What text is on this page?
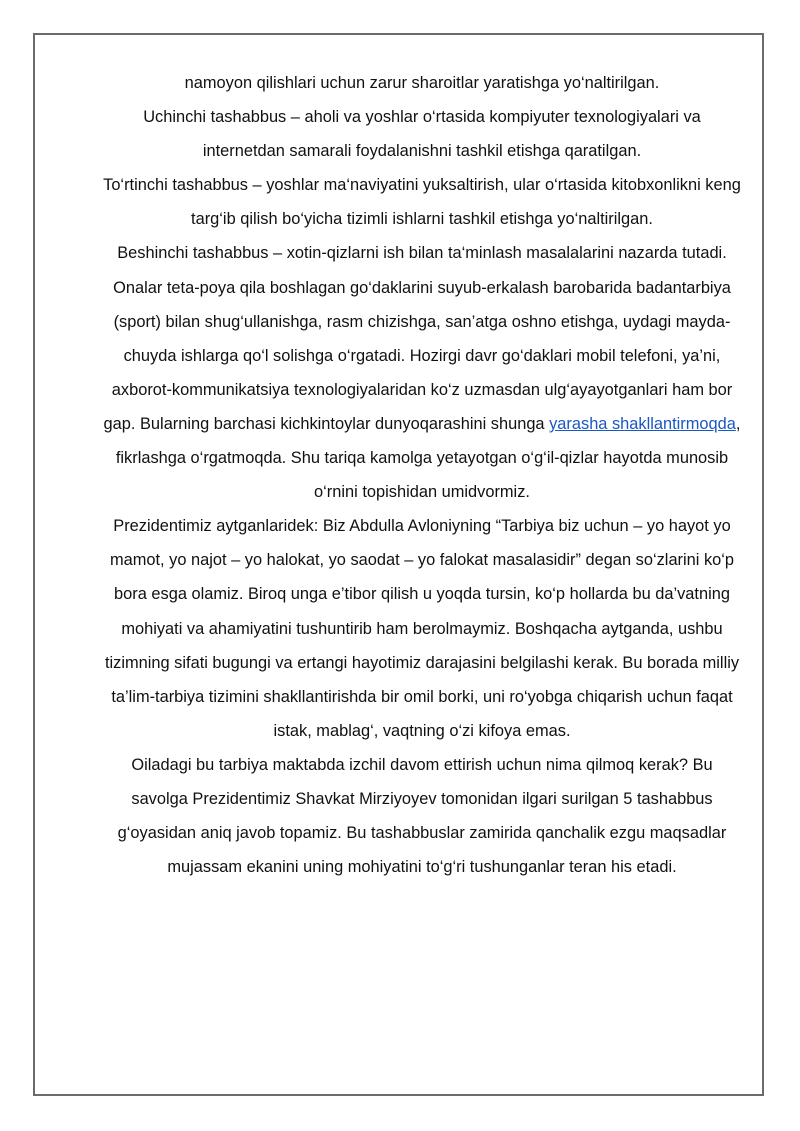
namoyon qilishlari uchun zarur sharoitlar yaratishga yo‘naltirilgan.

Uchinchi tashabbus – aholi va yoshlar o‘rtasida kompiyuter texnologiyalari va internetdan samarali foydalanishni tashkil etishga qaratilgan.

To‘rtinchi tashabbus – yoshlar ma‘naviyatini yuksaltirish, ular o‘rtasida kitobxonlikni keng targ‘ib qilish bo‘yicha tizimli ishlarni tashkil etishga yo‘naltirilgan.

Beshinchi tashabbus – xotin-qizlarni ish bilan ta‘minlash masalalarini nazarda tutadi.

Onalar teta-poya qila boshlagan go‘daklarini suyub-erkalash barobarida badantarbiya (sport) bilan shug‘ullanishga, rasm chizishga, san’atga oshno etishga, uydagi mayda-chuyda ishlarga qo‘l solishga o‘rgatadi. Hozirgi davr go‘daklari mobil telefoni, ya’ni, axborot-kommunikatsiya texnologiyalaridan ko‘z uzmasdan ulg‘ayayotganlari ham bor gap. Bularning barchasi kichkintoylar dunyoqarashini shunga yarasha shakllantirmoqda, fikrlashga o‘rgatmoqda. Shu tariqa kamolga yetayotgan o‘g‘il-qizlar hayotda munosib o‘rnini topishidan umidvormiz.

Prezidentimiz aytganlaridek: Biz Abdulla Avloniyning “Tarbiya biz uchun – yo hayot yo mamot, yo najot – yo halokat, yo saodat – yo falokat masalasidir” degan so‘zlarini ko‘p bora esga olamiz. Biroq unga e’tibor qilish u yoqda tursin, ko‘p hollarda bu da’vatning mohiyati va ahamiyatini tushuntirib ham berolmaymiz. Boshqacha aytganda, ushbu tizimning sifati bugungi va ertangi hayotimiz darajasini belgilashi kerak. Bu borada milliy ta’lim-tarbiya tizimini shakllantirishda bir omil borki, uni ro‘yobga chiqarish uchun faqat istak, mablag‘, vaqtning o‘zi kifoya emas.

Oiladagi bu tarbiya maktabda izchil davom ettirish uchun nima qilmoq kerak? Bu savolga Prezidentimiz Shavkat Mirziyoyev tomonidan ilgari surilgan 5 tashabbus g‘oyasidan aniq javob topamiz. Bu tashabbuslar zamirida qanchalik ezgu maqsadlar mujassam ekanini uning mohiyatini to‘g‘ri tushunganlar teran his etadi.
